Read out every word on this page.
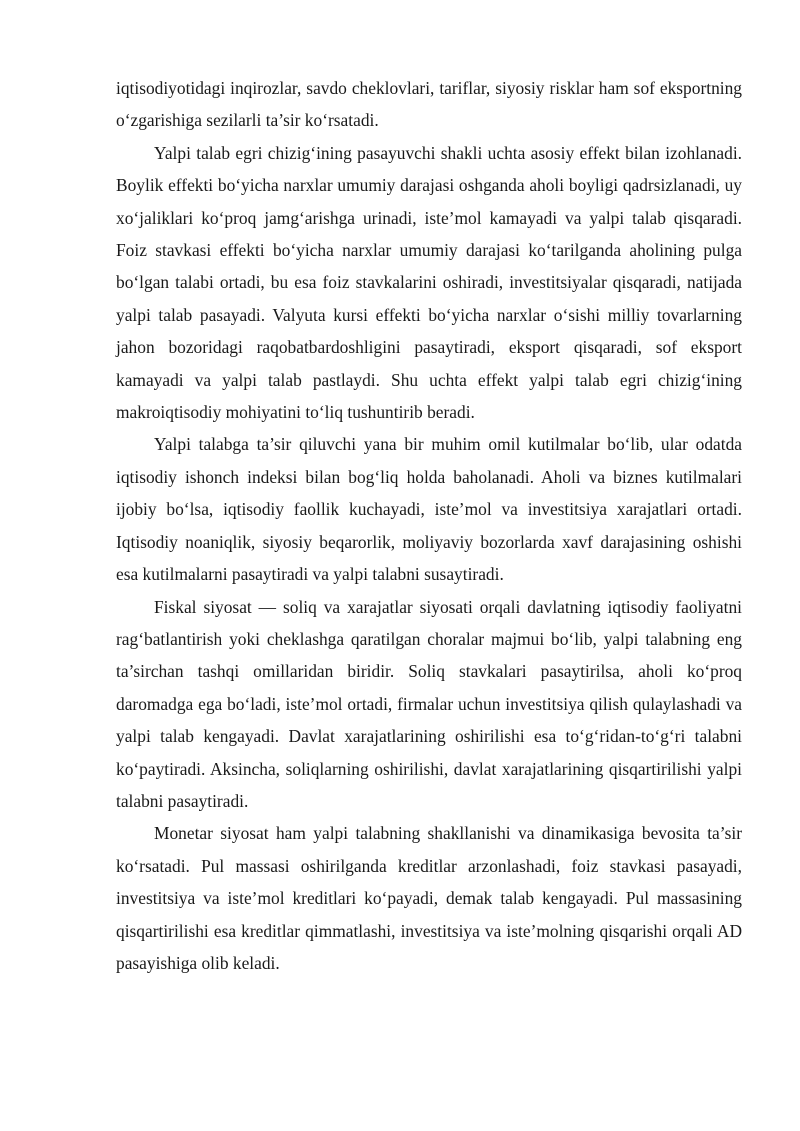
iqtisodiyotidagi inqirozlar, savdo cheklovlari, tariflar, siyosiy risklar ham sof eksportning o‘zgarishiga sezilarli ta’sir ko‘rsatadi.

Yalpi talab egri chizig‘ining pasayuvchi shakli uchta asosiy effekt bilan izohlanadi. Boylik effekti bo‘yicha narxlar umumiy darajasi oshganda aholi boyligi qadrsizlanadi, uy xo‘jaliklari ko‘proq jamg‘arishga urinadi, iste’mol kamayadi va yalpi talab qisqaradi. Foiz stavkasi effekti bo‘yicha narxlar umumiy darajasi ko‘tarilganda aholining pulga bo‘lgan talabi ortadi, bu esa foiz stavkalarini oshiradi, investitsiyalar qisqaradi, natijada yalpi talab pasayadi. Valyuta kursi effekti bo‘yicha narxlar o‘sishi milliy tovarlarning jahon bozoridagi raqobatbardoshligini pasaytiradi, eksport qisqaradi, sof eksport kamayadi va yalpi talab pastlaydi. Shu uchta effekt yalpi talab egri chizig‘ining makroiqtisodiy mohiyatini to‘liq tushuntirib beradi.

Yalpi talabga ta’sir qiluvchi yana bir muhim omil kutilmalar bo‘lib, ular odatda iqtisodiy ishonch indeksi bilan bog‘liq holda baholanadi. Aholi va biznes kutilmalari ijobiy bo‘lsa, iqtisodiy faollik kuchayadi, iste’mol va investitsiya xarajatlari ortadi. Iqtisodiy noaniqlik, siyosiy beqarorlik, moliyaviy bozorlarda xavf darajasining oshishi esa kutilmalarni pasaytiradi va yalpi talabni susaytiradi.

Fiskal siyosat — soliq va xarajatlar siyosati orqali davlatning iqtisodiy faoliyatni rag‘batlantirish yoki cheklashga qaratilgan choralar majmui bo‘lib, yalpi talabning eng ta’sirchan tashqi omillaridan biridir. Soliq stavkalari pasaytirilsa, aholi ko‘proq daromadga ega bo‘ladi, iste’mol ortadi, firmalar uchun investitsiya qilish qulaylashadi va yalpi talab kengayadi. Davlat xarajatlarining oshirilishi esa to‘g‘ridan-to‘g‘ri talabni ko‘paytiradi. Aksincha, soliqlarning oshirilishi, davlat xarajatlarining qisqartirilishi yalpi talabni pasaytiradi.

Monetar siyosat ham yalpi talabning shakllanishi va dinamikasiga bevosita ta’sir ko‘rsatadi. Pul massasi oshirilganda kreditlar arzonlashadi, foiz stavkasi pasayadi, investitsiya va iste’mol kreditlari ko‘payadi, demak talab kengayadi. Pul massasining qisqartirilishi esa kreditlar qimmatlashi, investitsiya va iste’molning qisqarishi orqali AD pasayishiga olib keladi.
